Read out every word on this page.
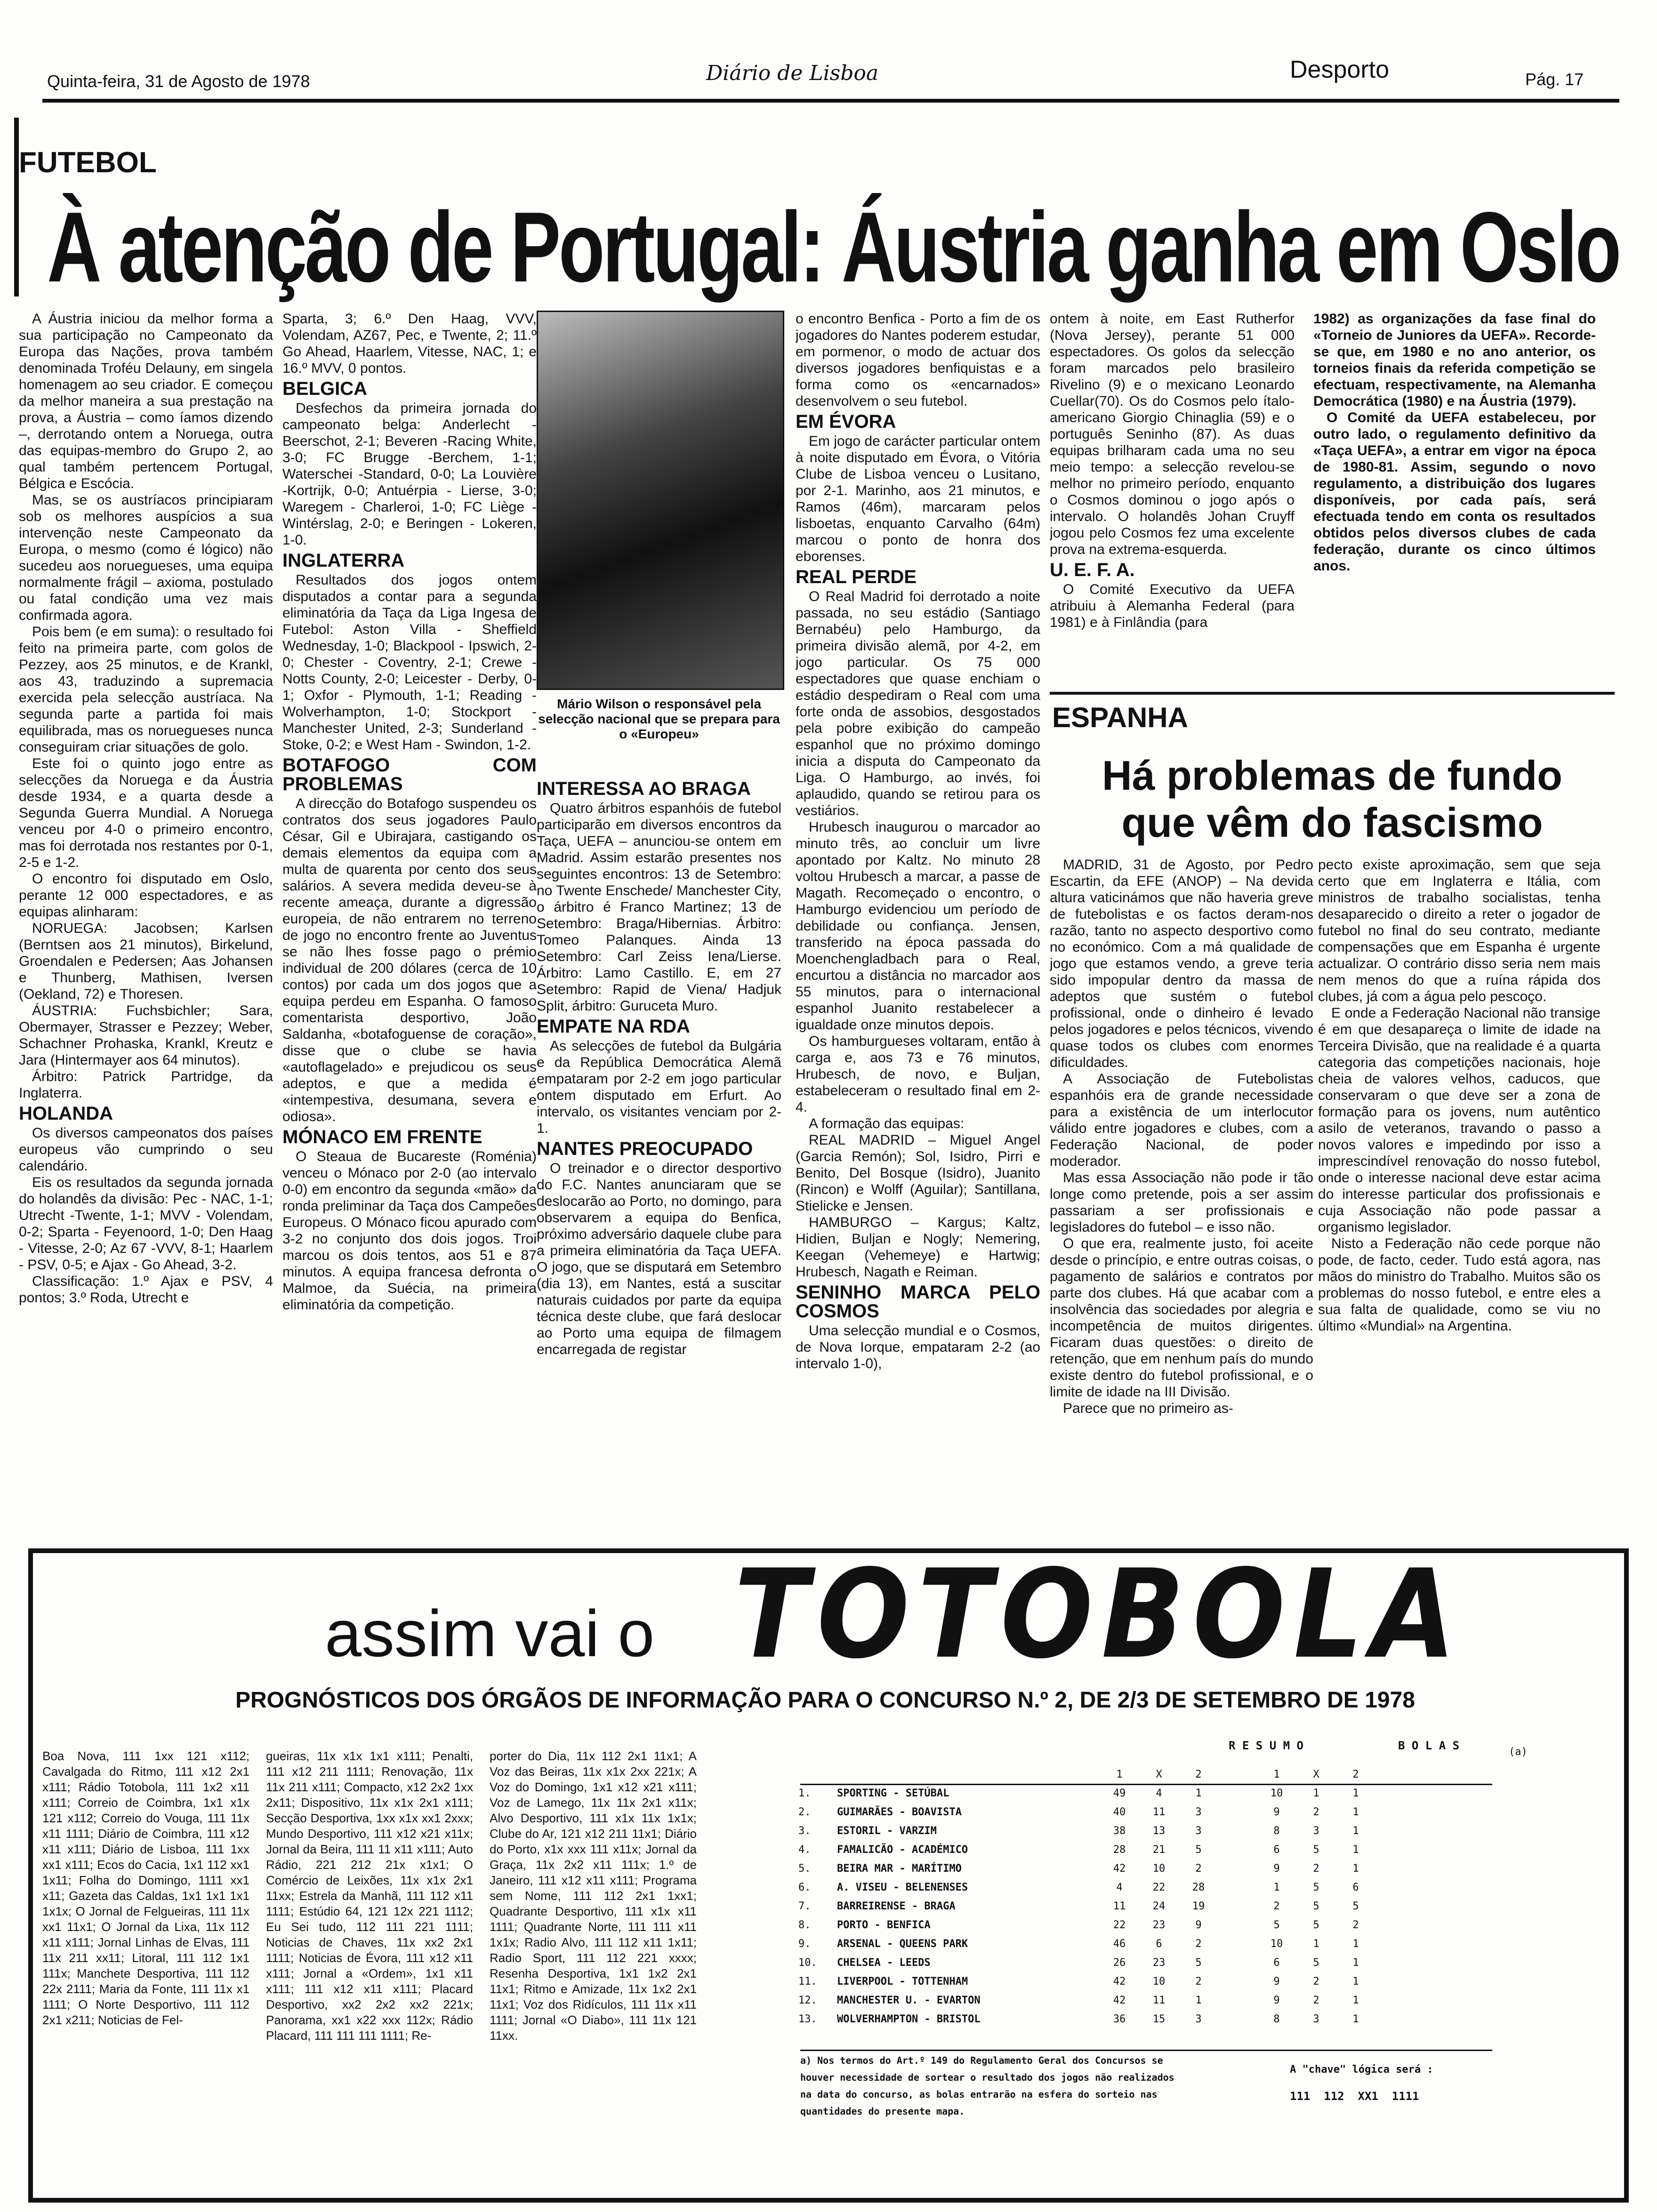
Quinta-feira, 31 de Agosto de 1978	Diário de Lisboa	Desporto	Pág. 17
FUTEBOL
À atenção de Portugal: Áustria ganha em Oslo

A Áustria iniciou da melhor forma a sua participação no Campeonato da Europa das Nações, prova também denominada Troféu Delauny, em singela homenagem ao seu criador. E começou da melhor maneira a sua prestação na prova, a Áustria – como íamos dizendo –, derrotando ontem a Noruega, outra das equipas-membro do Grupo 2, ao qual também pertencem Portugal, Bélgica e Escócia.

Mas, se os austríacos principiaram sob os melhores auspícios a sua intervenção neste Campeonato da Europa, o mesmo (como é lógico) não sucedeu aos noruegueses, uma equipa normalmente frágil – axioma, postulado ou fatal condição uma vez mais confirmada agora.

Pois bem (e em suma): o resultado foi feito na primeira parte, com golos de Pezzey, aos 25 minutos, e de Krankl, aos 43, traduzindo a supremacia exercida pela selecção austríaca. Na segunda parte a partida foi mais equilibrada, mas os noruegueses nunca conseguiram criar situações de golo.

Este foi o quinto jogo entre as selecções da Noruega e da Áustria desde 1934, e a quarta desde a Segunda Guerra Mundial. A Noruega venceu por 4-0 o primeiro encontro, mas foi derrotada nos restantes por 0-1, 2-5 e 1-2.

O encontro foi disputado em Oslo, perante 12 000 espectadores, e as equipas alinharam:

NORUEGA: Jacobsen; Karlsen (Berntsen aos 21 minutos), Birkelund, Groendalen e Pedersen; Aas Johansen e Thunberg, Mathisen, Iversen (Oekland, 72) e Thoresen.

ÁUSTRIA: Fuchsbichler; Sara, Obermayer, Strasser e Pezzey; Weber, Schachner Prohaska, Krankl, Kreutz e Jara (Hintermayer aos 64 minutos).

Árbitro: Patrick Partridge, da Inglaterra.

HOLANDA

Os diversos campeonatos dos países europeus vão cumprindo o seu calendário.

Eis os resultados da segunda jornada do holandês da divisão: Pec - NAC, 1-1; Utrecht -Twente, 1-1; MVV - Volendam, 0-2; Sparta - Feyenoord, 1-0; Den Haag - Vitesse, 2-0; Az 67 -VVV, 8-1; Haarlem - PSV, 0-5; e Ajax - Go Ahead, 3-2.

Classificação: 1.º Ajax e PSV, 4 pontos; 3.º Roda, Utrecht e

Sparta, 3; 6.º Den Haag, VVV, Volendam, AZ67, Pec, e Twente, 2; 11.º Go Ahead, Haarlem, Vitesse, NAC, 1; e 16.º MVV, 0 pontos.

BELGICA

Desfechos da primeira jornada do campeonato belga: Anderlecht - Beerschot, 2-1; Beveren -Racing White, 3-0; FC Brugge -Berchem, 1-1; Waterschei -Standard, 0-0; La Louvière -Kortrijk, 0-0; Antuérpia - Lierse, 3-0; Waregem - Charleroi, 1-0; FC Liège - Wintérslag, 2-0; e Beringen - Lokeren, 1-0.

INGLATERRA

Resultados dos jogos ontem disputados a contar para a segunda eliminatória da Taça da Liga Ingesa de Futebol: Aston Villa - Sheffield Wednesday, 1-0; Blackpool - Ipswich, 2-0; Chester - Coventry, 2-1; Crewe - Notts County, 2-0; Leicester - Derby, 0-1; Oxfor - Plymouth, 1-1; Reading - Wolverhampton, 1-0; Stockport - Manchester United, 2-3; Sunderland - Stoke, 0-2; e West Ham - Swindon, 1-2.

BOTAFOGO COM PROBLEMAS

A direcção do Botafogo suspendeu os contratos dos seus jogadores Paulo César, Gil e Ubirajara, castigando os demais elementos da equipa com a multa de quarenta por cento dos seus salários. A severa medida deveu-se à recente ameaça, durante a digressão europeia, de não entrarem no terreno de jogo no encontro frente ao Juventus se não lhes fosse pago o prémio individual de 200 dólares (cerca de 10 contos) por cada um dos jogos que a equipa perdeu em Espanha. O famoso comentarista desportivo, João Saldanha, «botafoguense de coração», disse que o clube se havia «autoflagelado» e prejudicou os seus adeptos, e que a medida é «intempestiva, desumana, severa e odiosa».

MÓNACO EM FRENTE

O Steaua de Bucareste (Roménia) venceu o Mónaco por 2-0 (ao intervalo 0-0) em encontro da segunda «mão» da ronda preliminar da Taça dos Campeões Europeus. O Mónaco ficou apurado com 3-2 no conjunto dos dois jogos. Troi marcou os dois tentos, aos 51 e 87 minutos. A equipa francesa defronta o Malmoe, da Suécia, na primeira eliminatória da competição.

Mário Wilson o responsável pela selecção nacional que se prepara para o «Europeu»
INTERESSA AO BRAGA

Quatro árbitros espanhóis de futebol participarão em diversos encontros da Taça, UEFA – anunciou-se ontem em Madrid. Assim estarão presentes nos seguintes encontros: 13 de Setembro: no Twente Enschede/ Manchester City, o árbitro é Franco Martinez; 13 de Setembro: Braga/Hibernias. Árbitro: Tomeo Palanques. Ainda 13 Setembro: Carl Zeiss Iena/Lierse. Árbitro: Lamo Castillo. E, em 27 Setembro: Rapid de Viena/ Hadjuk Split, árbitro: Guruceta Muro.

EMPATE NA RDA

As selecções de futebol da Bulgária e da República Democrática Alemã empataram por 2-2 em jogo particular ontem disputado em Erfurt. Ao intervalo, os visitantes venciam por 2-1.

NANTES PREOCUPADO

O treinador e o director desportivo do F.C. Nantes anunciaram que se deslocarão ao Porto, no domingo, para observarem a equipa do Benfica, próximo adversário daquele clube para a primeira eliminatória da Taça UEFA. O jogo, que se disputará em Setembro (dia 13), em Nantes, está a suscitar naturais cuidados por parte da equipa técnica deste clube, que fará deslocar ao Porto uma equipa de filmagem encarregada de registar

o encontro Benfica - Porto a fim de os jogadores do Nantes poderem estudar, em pormenor, o modo de actuar dos diversos jogadores benfiquistas e a forma como os «encarnados» desenvolvem o seu futebol.

EM ÉVORA

Em jogo de carácter particular ontem à noite disputado em Évora, o Vitória Clube de Lisboa venceu o Lusitano, por 2-1. Marinho, aos 21 minutos, e Ramos (46m), marcaram pelos lisboetas, enquanto Carvalho (64m) marcou o ponto de honra dos eborenses.

REAL PERDE

O Real Madrid foi derrotado a noite passada, no seu estádio (Santiago Bernabéu) pelo Hamburgo, da primeira divisão alemã, por 4-2, em jogo particular. Os 75 000 espectadores que quase enchiam o estádio despediram o Real com uma forte onda de assobios, desgostados pela pobre exibição do campeão espanhol que no próximo domingo inicia a disputa do Campeonato da Liga. O Hamburgo, ao invés, foi aplaudido, quando se retirou para os vestiários.

Hrubesch inaugurou o marcador ao minuto três, ao concluir um livre apontado por Kaltz. No minuto 28 voltou Hrubesch a marcar, a passe de Magath. Recomeçado o encontro, o Hamburgo evidenciou um período de debilidade ou confiança. Jensen, transferido na época passada do Moenchengladbach para o Real, encurtou a distância no marcador aos 55 minutos, para o internacional espanhol Juanito restabelecer a igualdade onze minutos depois.

Os hamburgueses voltaram, então à carga e, aos 73 e 76 minutos, Hrubesch, de novo, e Buljan, estabeleceram o resultado final em 2-4.

A formação das equipas:

REAL MADRID – Miguel Angel (Garcia Remón); Sol, Isidro, Pirri e Benito, Del Bosque (Isidro), Juanito (Rincon) e Wolff (Aguilar); Santillana, Stielicke e Jensen.

HAMBURGO – Kargus; Kaltz, Hidien, Buljan e Nogly; Nemering, Keegan (Vehemeye) e Hartwig; Hrubesch, Nagath e Reiman.

SENINHO MARCA PELO COSMOS

Uma selecção mundial e o Cosmos, de Nova Iorque, empataram 2-2 (ao intervalo 1-0),

ontem à noite, em East Rutherfor (Nova Jersey), perante 51 000 espectadores. Os golos da selecção foram marcados pelo brasileiro Rivelino (9) e o mexicano Leonardo Cuellar(70). Os do Cosmos pelo ítalo-americano Giorgio Chinaglia (59) e o português Seninho (87). As duas equipas brilharam cada uma no seu meio tempo: a selecção revelou-se melhor no primeiro período, enquanto o Cosmos dominou o jogo após o intervalo. O holandês Johan Cruyff jogou pelo Cosmos fez uma excelente prova na extrema-esquerda.

U. E. F. A.

O Comité Executivo da UEFA atribuiu à Alemanha Federal (para 1981) e à Finlândia (para

1982) as organizações da fase final do «Torneio de Juniores da UEFA». Recorde-se que, em 1980 e no ano anterior, os torneios finais da referida competição se efectuam, respectivamente, na Alemanha Democrática (1980) e na Áustria (1979).

O Comité da UEFA estabeleceu, por outro lado, o regulamento definitivo da «Taça UEFA», a entrar em vigor na época de 1980-81. Assim, segundo o novo regulamento, a distribuição dos lugares disponíveis, por cada país, será efectuada tendo em conta os resultados obtidos pelos diversos clubes de cada federação, durante os cinco últimos anos.

ESPANHA
Há problemas de fundo
que vêm do fascismo

MADRID, 31 de Agosto, por Pedro Escartin, da EFE (ANOP) – Na devida altura vaticinámos que não haveria greve de futebolistas e os factos deram-nos razão, tanto no aspecto desportivo como no económico. Com a má qualidade de jogo que estamos vendo, a greve teria sido impopular dentro da massa de adeptos que sustém o futebol profissional, onde o dinheiro é levado pelos jogadores e pelos técnicos, vivendo quase todos os clubes com enormes dificuldades.

A Associação de Futebolistas espanhóis era de grande necessidade para a existência de um interlocutor válido entre jogadores e clubes, com a Federação Nacional, de poder moderador.

Mas essa Associação não pode ir tão longe como pretende, pois a ser assim passariam a ser profissionais e legisladores do futebol – e isso não.

O que era, realmente justo, foi aceite desde o princípio, e entre outras coisas, o pagamento de salários e contratos por parte dos clubes. Há que acabar com a insolvência das sociedades por alegria e incompetência de muitos dirigentes. Ficaram duas questões: o direito de retenção, que em nenhum país do mundo existe dentro do futebol profissional, e o limite de idade na III Divisão.

Parece que no primeiro as-

pecto existe aproximação, sem que seja certo que em Inglaterra e Itália, com ministros de trabalho socialistas, tenha desaparecido o direito a reter o jogador de futebol no final do seu contrato, mediante compensações que em Espanha é urgente actualizar. O contrário disso seria nem mais nem menos do que a ruína rápida dos clubes, já com a água pelo pescoço.

E onde a Federação Nacional não transige é em que desapareça o limite de idade na Terceira Divisão, que na realidade é a quarta categoria das competições nacionais, hoje cheia de valores velhos, caducos, que conservaram o que deve ser a zona de formação para os jovens, num autêntico asilo de veteranos, travando o passo a novos valores e impedindo por isso a imprescindível renovação do nosso futebol, onde o interesse nacional deve estar acima do interesse particular dos profissionais e cuja Associação não pode passar a organismo legislador.

Nisto a Federação não cede porque não pode, de facto, ceder. Tudo está agora, nas mãos do ministro do Trabalho. Muitos são os problemas do nosso futebol, e entre eles a sua falta de qualidade, como se viu no último «Mundial» na Argentina.

assim vai o TOTOBOLA
PROGNÓSTICOS DOS ÓRGÃOS DE INFORMAÇÃO PARA O CONCURSO N.º 2, DE 2/3 DE SETEMBRO DE 1978
Boa Nova, 111 1xx 121 x112; Cavalgada do Ritmo, 111 x12 2x1 x111; Rádio Totobola, 111 1x2 x11 x111; Correio de Coimbra, 1x1 x1x 121 x112; Correio do Vouga, 111 11x x11 1111; Diário de Coimbra, 111 x12 x11 x111; Diário de Lisboa, 111 1xx xx1 x111; Ecos do Cacia, 1x1 112 xx1 1x11; Folha do Domingo, 1111 xx1 x11; Gazeta das Caldas, 1x1 1x1 1x1 1x1x; O Jornal de Felgueiras, 111 11x xx1 11x1; O Jornal da Lixa, 11x 112 x11 x111; Jornal Linhas de Elvas, 111 11x 211 xx11; Litoral, 111 112 1x1 111x; Manchete Desportiva, 111 112 22x 2111; Maria da Fonte, 111 11x x1 1111; O Norte Desportivo, 111 112 2x1 x211; Noticias de Fel-
gueiras, 11x x1x 1x1 x111; Penalti, 111 x12 211 1111; Renovação, 11x 11x 211 x111; Compacto, x12 2x2 1xx 2x11; Dispositivo, 11x x1x 2x1 x111; Secção Desportiva, 1xx x1x xx1 2xxx; Mundo Desportivo, 111 x12 x21 x11x; Jornal da Beira, 111 11 x11 x111; Auto Rádio, 221 212 21x x1x1; O Comércio de Leixões, 11x x1x 2x1 11xx; Estrela da Manhã, 111 112 x11 1111; Estúdio 64, 121 12x 221 1112; Eu Sei tudo, 112 111 221 1111; Noticias de Chaves, 11x xx2 2x1 1111; Noticias de Évora, 111 x12 x11 x111; Jornal a «Ordem», 1x1 x11 x111; 111 x12 x11 x111; Placard Desportivo, xx2 2x2 xx2 221x; Panorama, xx1 x22 xxx 112x; Rádio Placard, 111 111 111 1111; Re-
porter do Dia, 11x 112 2x1 11x1; A Voz das Beiras, 11x x1x 2xx 221x; A Voz do Domingo, 1x1 x12 x21 x111; Voz de Lamego, 11x 11x 2x1 x11x; Alvo Desportivo, 111 x1x 11x 1x1x; Clube do Ar, 121 x12 211 11x1; Diário do Porto, x1x xxx 111 x11x; Jornal da Graça, 11x 2x2 x11 111x; 1.º de Janeiro, 111 x12 x11 x111; Programa sem Nome, 111 112 2x1 1xx1; Quadrante Desportivo, 111 x1x x11 1111; Quadrante Norte, 111 111 x11 1x1x; Radio Alvo, 111 112 x11 1x11; Radio Sport, 111 112 221 xxxx; Resenha Desportiva, 1x1 1x2 2x1 11x1; Ritmo e Amizade, 11x 1x2 2x1 11x1; Voz dos Ridículos, 111 11x x11 1111; Jornal «O Diabo», 111 11x 121 11xx.
R E S U M O	B O L A S	(a)
			1	X	2		1	X	2
1.	SPORTING - SETÚBAL		49	4	1		10	1	1
2.	GUIMARÃES - BOAVISTA		40	11	3		9	2	1
3.	ESTORIL - VARZIM		38	13	3		8	3	1
4.	FAMALICÃO - ACADÉMICO		28	21	5		6	5	1
5.	BEIRA MAR - MARÍTIMO		42	10	2		9	2	1
6.	A. VISEU - BELENENSES		4	22	28		1	5	6
7.	BARREIRENSE - BRAGA		11	24	19		2	5	5
8.	PORTO - BENFICA		22	23	9		5	5	2
9.	ARSENAL - QUEENS PARK		46	6	2		10	1	1
10.	CHELSEA - LEEDS		26	23	5		6	5	1
11.	LIVERPOOL - TOTTENHAM		42	10	2		9	2	1
12.	MANCHESTER U. - EVARTON		42	11	1		9	2	1
13.	WOLVERHAMPTON - BRISTOL		36	15	3		8	3	1
a) Nos termos do Art.º 149 do Regulamento Geral dos Concursos se houver necessidade de sortear o resultado dos jogos não realizados na data do concurso, as bolas entrarão na esfera do sorteio nas quantidades do presente mapa.
A "chave" lógica será :
111  112  XX1  1111
